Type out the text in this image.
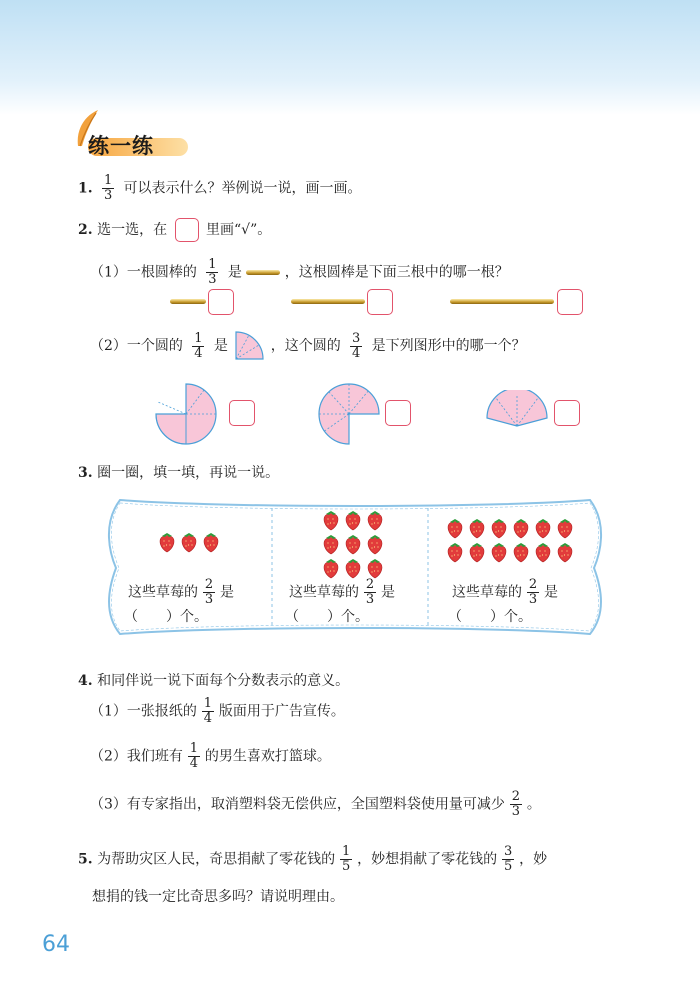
练一练
1. $\frac{1}{3}$ 可以表示什么？举例说一说，画一画。
2. 选一选，在	里画“√”。
（1）一根圆棒的 $\frac{1}{3}$ 是	，这根圆棒是下面三根中的哪一根？
（2）一个圆的 $\frac{1}{4}$ 是	，这个圆的 $\frac{3}{4}$ 是下列图形中的哪一个？
3. 圈一圈，填一填，再说一说。
这些草莓的 $\frac{2}{3}$ 是
（　　）个。
这些草莓的 $\frac{2}{3}$ 是
（　　）个。
这些草莓的 $\frac{2}{3}$ 是
（　　）个。
4. 和同伴说一说下面每个分数表示的意义。
（1）一张报纸的 $\frac{1}{4}$ 版面用于广告宣传。
（2）我们班有 $\frac{1}{4}$ 的男生喜欢打篮球。
（3）有专家指出，取消塑料袋无偿供应，全国塑料袋使用量可减少 $\frac{2}{3}$ 。
5. 为帮助灾区人民，奇思捐献了零花钱的 $\frac{1}{5}$ ，妙想捐献了零花钱的 $\frac{3}{5}$ ，妙
想捐的钱一定比奇思多吗？请说明理由。
64
